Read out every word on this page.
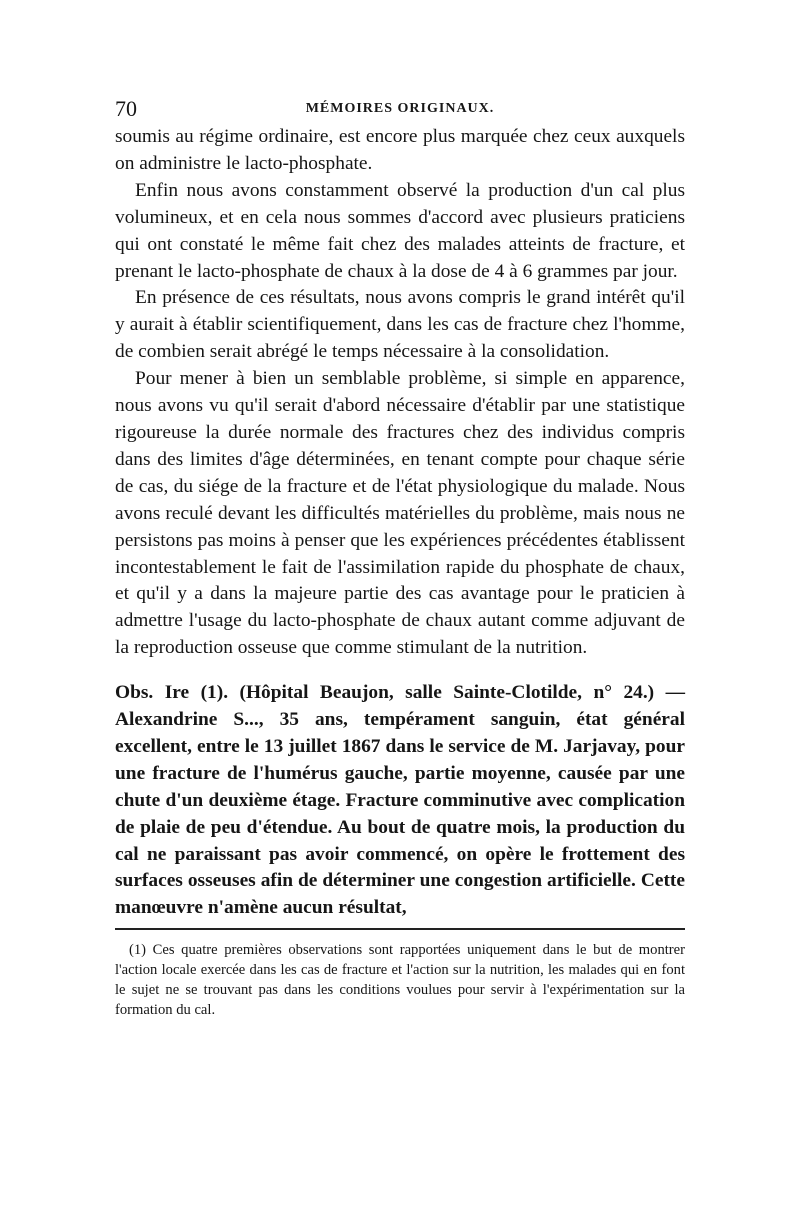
70	MÉMOIRES ORIGINAUX.

soumis au régime ordinaire, est encore plus marquée chez ceux auxquels on administre le lacto-phosphate.

Enfin nous avons constamment observé la production d'un cal plus volumineux, et en cela nous sommes d'accord avec plusieurs praticiens qui ont constaté le même fait chez des malades atteints de fracture, et prenant le lacto-phosphate de chaux à la dose de 4 à 6 grammes par jour.

En présence de ces résultats, nous avons compris le grand intérêt qu'il y aurait à établir scientifiquement, dans les cas de fracture chez l'homme, de combien serait abrégé le temps nécessaire à la consolidation.

Pour mener à bien un semblable problème, si simple en apparence, nous avons vu qu'il serait d'abord nécessaire d'établir par une statistique rigoureuse la durée normale des fractures chez des individus compris dans des limites d'âge déterminées, en tenant compte pour chaque série de cas, du siége de la fracture et de l'état physiologique du malade. Nous avons reculé devant les difficultés matérielles du problème, mais nous ne persistons pas moins à penser que les expériences précédentes établissent incontestablement le fait de l'assimilation rapide du phosphate de chaux, et qu'il y a dans la majeure partie des cas avantage pour le praticien à admettre l'usage du lacto-phosphate de chaux autant comme adjuvant de la reproduction osseuse que comme stimulant de la nutrition.

Obs. Ire (1). (Hôpital Beaujon, salle Sainte-Clotilde, n° 24.) — Alexandrine S..., 35 ans, tempérament sanguin, état général excellent, entre le 13 juillet 1867 dans le service de M. Jarjavay, pour une fracture de l'humérus gauche, partie moyenne, causée par une chute d'un deuxième étage. Fracture comminutive avec complication de plaie de peu d'étendue. Au bout de quatre mois, la production du cal ne paraissant pas avoir commencé, on opère le frottement des surfaces osseuses afin de déterminer une congestion artificielle. Cette manœuvre n'amène aucun résultat,

(1) Ces quatre premières observations sont rapportées uniquement dans le but de montrer l'action locale exercée dans les cas de fracture et l'action sur la nutrition, les malades qui en font le sujet ne se trouvant pas dans les conditions voulues pour servir à l'expérimentation sur la formation du cal.
